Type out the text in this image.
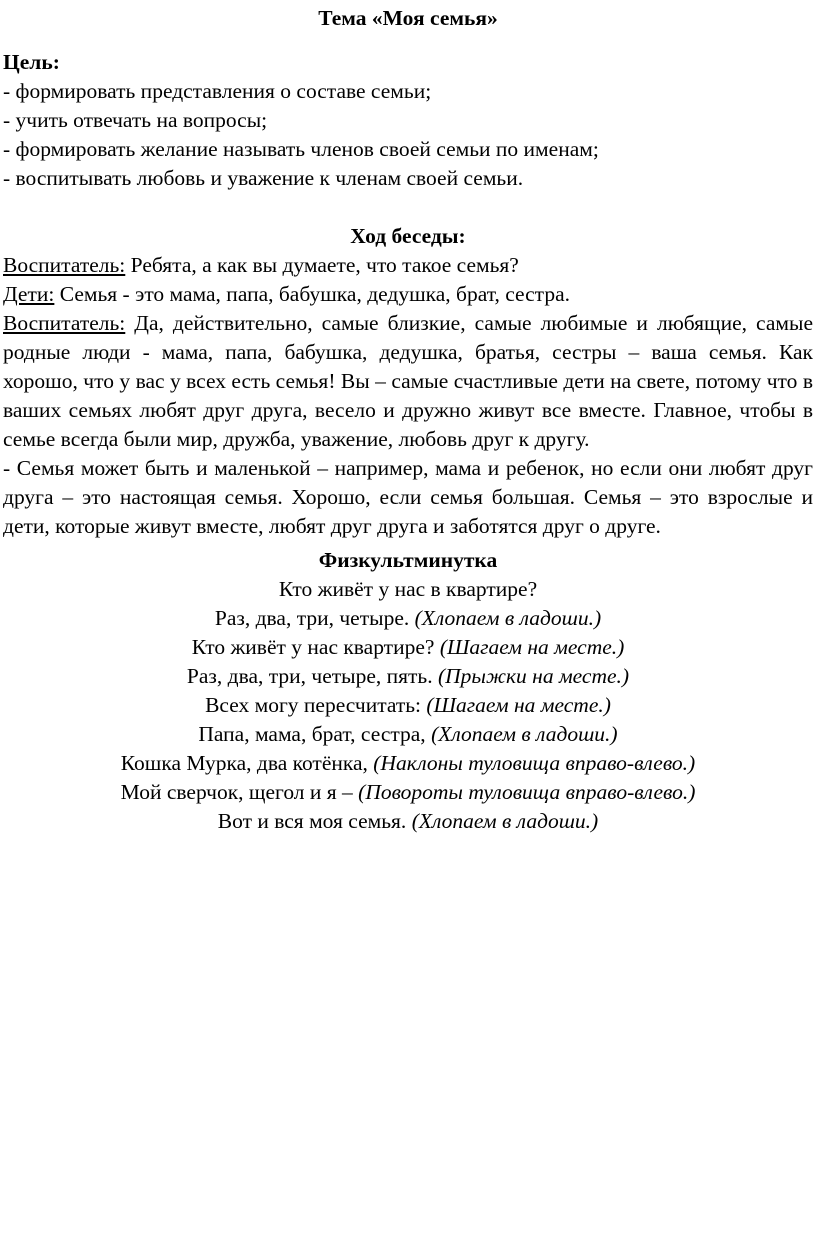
Тема «Моя семья»
Цель:
- формировать представления о составе семьи;
- учить отвечать на вопросы;
- формировать желание называть членов своей семьи по именам;
- воспитывать любовь и уважение к членам своей семьи.
Ход беседы:

Воспитатель: Ребята, а как вы думаете, что такое семья?

Дети: Семья - это мама, папа, бабушка, дедушка, брат, сестра.

Воспитатель: Да, действительно, самые близкие, самые любимые и любящие, самые родные люди - мама, папа, бабушка, дедушка, братья, сестры – ваша семья. Как хорошо, что у вас у всех есть семья! Вы – самые счастливые дети на свете, потому что в ваших семьях любят друг друга, весело и дружно живут все вместе. Главное, чтобы в семье всегда были мир, дружба, уважение, любовь друг к другу.

- Семья может быть и маленькой – например, мама и ребенок, но если они любят друг друга – это настоящая семья. Хорошо, если семья большая. Семья – это взрослые и дети, которые живут вместе, любят друг друга и заботятся друг о друге.

Физкультминутка
Кто живёт у нас в квартире?
Раз, два, три, четыре. (Хлопаем в ладоши.)
Кто живёт у нас квартире? (Шагаем на месте.)
Раз, два, три, четыре, пять. (Прыжки на месте.)
Всех могу пересчитать: (Шагаем на месте.)
Папа, мама, брат, сестра, (Хлопаем в ладоши.)
Кошка Мурка, два котёнка, (Наклоны туловища вправо-влево.)
Мой сверчок, щегол и я – (Повороты туловища вправо-влево.)
Вот и вся моя семья. (Хлопаем в ладоши.)
